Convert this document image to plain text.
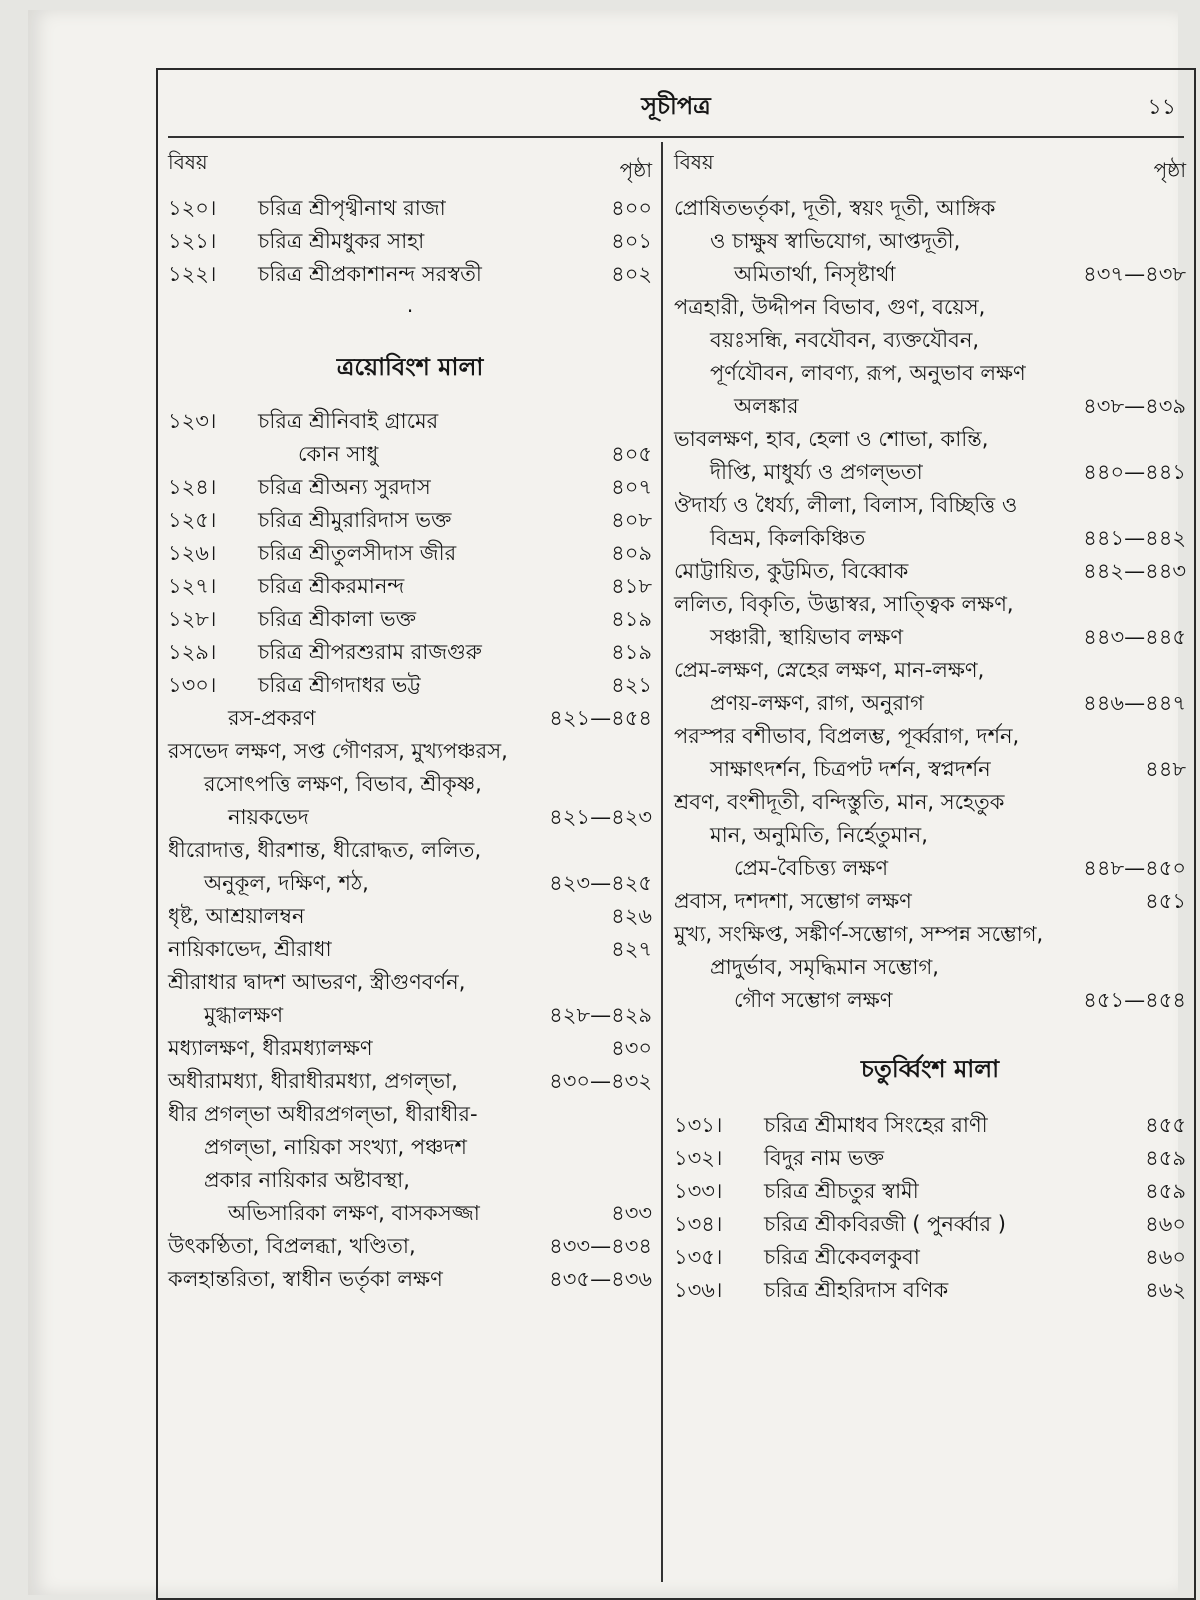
সূচীপত্র	১১
বিষয়	পৃষ্ঠা
১২০।	চরিত্র শ্রীপৃথ্বীনাথ রাজা	৪০০
১২১।	চরিত্র শ্রীমধুকর সাহা	৪০১
১২২।	চরিত্র শ্রীপ্রকাশানন্দ সরস্বতী	৪০২
·
ত্রয়োবিংশ মালা
১২৩।	চরিত্র শ্রীনিবাই গ্রামের
কোন সাধু	৪০৫
১২৪।	চরিত্র শ্রীঅন্য সুরদাস	৪০৭
১২৫।	চরিত্র শ্রীমুরারিদাস ভক্ত	৪০৮
১২৬।	চরিত্র শ্রীতুলসীদাস জীর	৪০৯
১২৭।	চরিত্র শ্রীকরমানন্দ	৪১৮
১২৮।	চরিত্র শ্রীকালা ভক্ত	৪১৯
১২৯।	চরিত্র শ্রীপরশুরাম রাজগুরু	৪১৯
১৩০।	চরিত্র শ্রীগদাধর ভট্ট	৪২১
রস-প্রকরণ	৪২১—৪৫৪
রসভেদ লক্ষণ, সপ্ত গৌণরস, মুখ্যপঞ্চরস,
রসোৎপত্তি লক্ষণ, বিভাব, শ্রীকৃষ্ণ,
নায়কভেদ	৪২১—৪২৩
ধীরোদাত্ত, ধীরশান্ত, ধীরোদ্ধত, ললিত,
অনুকূল, দক্ষিণ, শঠ,	৪২৩—৪২৫
ধৃষ্ট, আশ্রয়ালম্বন	৪২৬
নায়িকাভেদ, শ্রীরাধা	৪২৭
শ্রীরাধার দ্বাদশ আভরণ, স্ত্রীগুণবর্ণন,
মুগ্ধালক্ষণ	৪২৮—৪২৯
মধ্যালক্ষণ, ধীরমধ্যালক্ষণ	৪৩০
অধীরামধ্যা, ধীরাধীরমধ্যা, প্রগল্ভা,	৪৩০—৪৩২
ধীর প্রগল্ভা অধীরপ্রগল্ভা, ধীরাধীর-
প্রগল্ভা, নায়িকা সংখ্যা, পঞ্চদশ
প্রকার নায়িকার অষ্টাবস্থা,
অভিসারিকা লক্ষণ, বাসকসজ্জা	৪৩৩
উৎকণ্ঠিতা, বিপ্রলব্ধা, খণ্ডিতা,	৪৩৩—৪৩৪
কলহান্তরিতা, স্বাধীন ভর্তৃকা লক্ষণ	৪৩৫—৪৩৬
বিষয়	পৃষ্ঠা
প্রোষিতভর্তৃকা, দূতী, স্বয়ং দূতী, আঙ্গিক
ও চাক্ষুষ স্বাভিযোগ, আপ্তদূতী,
অমিতার্থা, নিসৃষ্টার্থা	৪৩৭—৪৩৮
পত্রহারী, উদ্দীপন বিভাব, গুণ, বয়েস,
বয়ঃসন্ধি, নবযৌবন, ব্যক্তযৌবন,
পূর্ণযৌবন, লাবণ্য, রূপ, অনুভাব লক্ষণ
অলঙ্কার	৪৩৮—৪৩৯
ভাবলক্ষণ, হাব, হেলা ও শোভা, কান্তি,
দীপ্তি, মাধুর্য্য ও প্রগল্ভতা	৪৪০—৪৪১
ঔদার্য্য ও ধৈর্য্য, লীলা, বিলাস, বিচ্ছিত্তি ও
বিভ্রম, কিলকিঞ্চিত	৪৪১—৪৪২
মোট্টায়িত, কুট্টমিত, বিব্বোক	৪৪২—৪৪৩
ললিত, বিকৃতি, উদ্ভাস্বর, সাত্ত্বিক লক্ষণ,
সঞ্চারী, স্থায়িভাব লক্ষণ	৪৪৩—৪৪৫
প্রেম-লক্ষণ, স্নেহের লক্ষণ, মান-লক্ষণ,
প্রণয়-লক্ষণ, রাগ, অনুরাগ	৪৪৬—৪৪৭
পরস্পর বশীভাব, বিপ্রলম্ভ, পূর্ব্বরাগ, দর্শন,
সাক্ষাৎদর্শন, চিত্রপট দর্শন, স্বপ্নদর্শন	৪৪৮
শ্রবণ, বংশীদূতী, বন্দিস্তুতি, মান, সহেতুক
মান, অনুমিতি, নির্হেতুমান,
প্রেম-বৈচিত্ত্য লক্ষণ	৪৪৮—৪৫০
প্রবাস, দশদশা, সম্ভোগ লক্ষণ	৪৫১
মুখ্য, সংক্ষিপ্ত, সঙ্কীর্ণ-সম্ভোগ, সম্পন্ন সম্ভোগ,
প্রাদুর্ভাব, সমৃদ্ধিমান সম্ভোগ,
গৌণ সম্ভোগ লক্ষণ	৪৫১—৪৫৪
চতুর্ব্বিংশ মালা
১৩১।	চরিত্র শ্রীমাধব সিংহের রাণী	৪৫৫
১৩২।	বিদুর নাম ভক্ত	৪৫৯
১৩৩।	চরিত্র শ্রীচতুর স্বামী	৪৫৯
১৩৪।	চরিত্র শ্রীকবিরজী ( পুনর্ব্বার )	৪৬০
১৩৫।	চরিত্র শ্রীকেবলকুবা	৪৬০
১৩৬।	চরিত্র শ্রীহরিদাস বণিক	৪৬২
